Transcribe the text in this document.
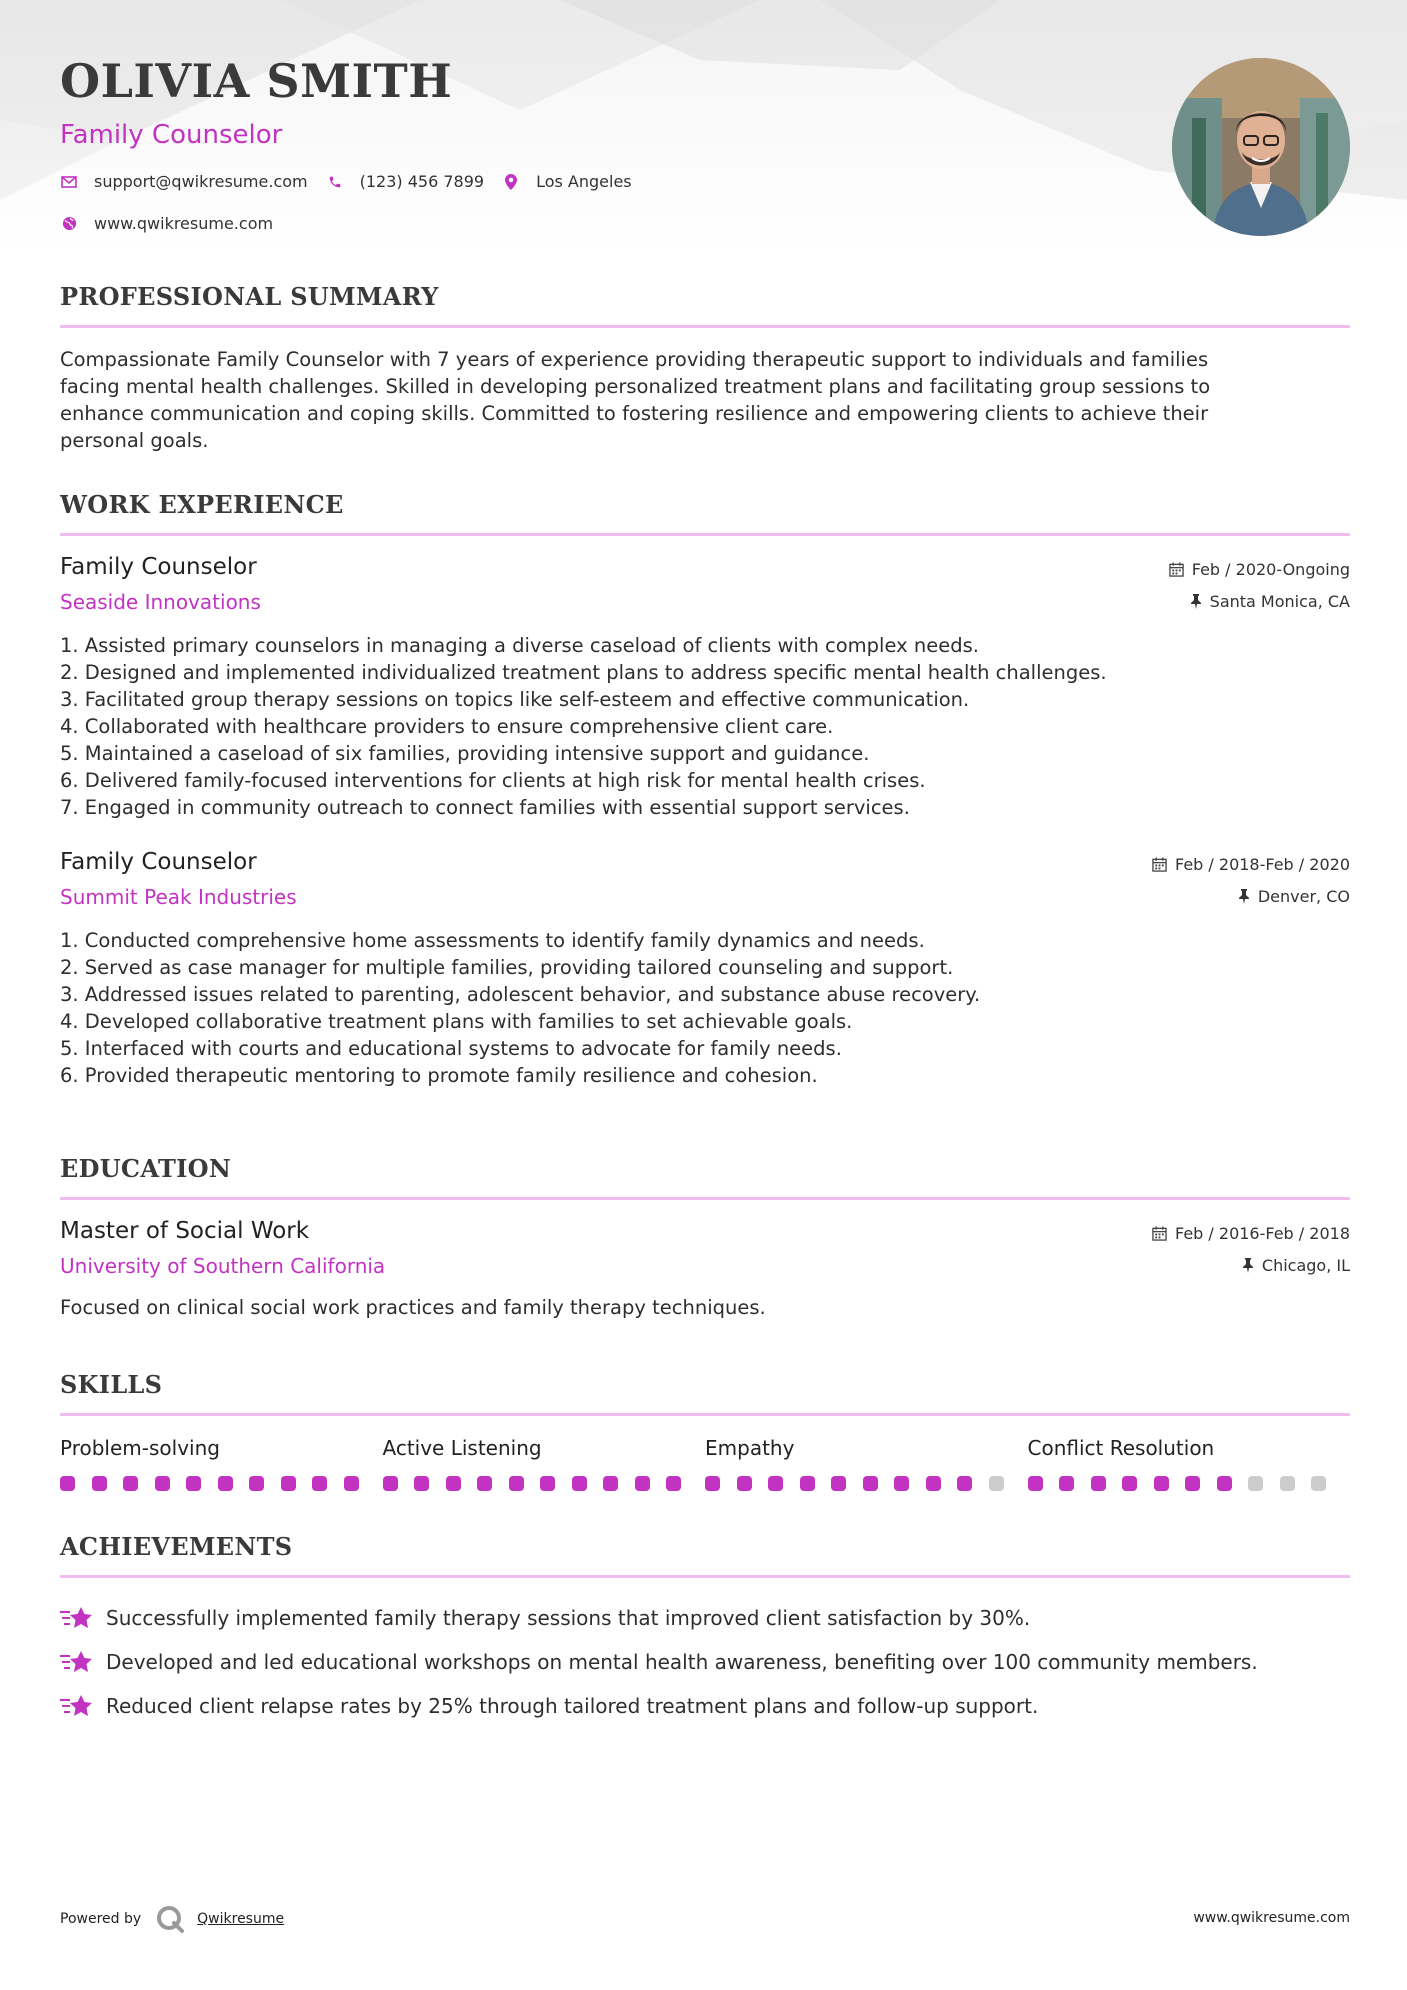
OLIVIA SMITH
Family Counselor
support@qwikresume.com	(123) 456 7899	Los Angeles
www.qwikresume.com
PROFESSIONAL SUMMARY
Compassionate Family Counselor with 7 years of experience providing therapeutic support to individuals and families
facing mental health challenges. Skilled in developing personalized treatment plans and facilitating group sessions to
enhance communication and coping skills. Committed to fostering resilience and empowering clients to achieve their
personal goals.
WORK EXPERIENCE
Family Counselor
Seaside Innovations
Feb / 2020-Ongoing
Santa Monica, CA
1. Assisted primary counselors in managing a diverse caseload of clients with complex needs.
2. Designed and implemented individualized treatment plans to address specific mental health challenges.
3. Facilitated group therapy sessions on topics like self-esteem and effective communication.
4. Collaborated with healthcare providers to ensure comprehensive client care.
5. Maintained a caseload of six families, providing intensive support and guidance.
6. Delivered family-focused interventions for clients at high risk for mental health crises.
7. Engaged in community outreach to connect families with essential support services.
Family Counselor
Summit Peak Industries
Feb / 2018-Feb / 2020
Denver, CO
1. Conducted comprehensive home assessments to identify family dynamics and needs.
2. Served as case manager for multiple families, providing tailored counseling and support.
3. Addressed issues related to parenting, adolescent behavior, and substance abuse recovery.
4. Developed collaborative treatment plans with families to set achievable goals.
5. Interfaced with courts and educational systems to advocate for family needs.
6. Provided therapeutic mentoring to promote family resilience and cohesion.
EDUCATION
Master of Social Work
University of Southern California
Feb / 2016-Feb / 2018
Chicago, IL
Focused on clinical social work practices and family therapy techniques.
SKILLS
Problem-solving	Active Listening	Empathy	Conflict Resolution
ACHIEVEMENTS
Successfully implemented family therapy sessions that improved client satisfaction by 30%.
Developed and led educational workshops on mental health awareness, benefiting over 100 community members.
Reduced client relapse rates by 25% through tailored treatment plans and follow-up support.
Powered by	Qwikresume	www.qwikresume.com
